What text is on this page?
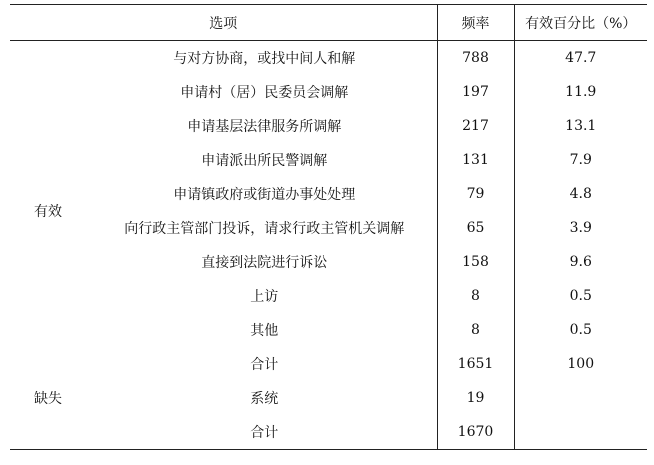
选项		频率	有效百分比（%）
有效	与对方协商，或找中间人和解	788	47.7
	申请村（居）民委员会调解	197	11.9
	申请基层法律服务所调解	217	13.1
	申请派出所民警调解	131	7.9
	申请镇政府或街道办事处处理	79	4.8
	向行政主管部门投诉，请求行政主管机关调解	65	3.9
	直接到法院进行诉讼	158	9.6
	上访	8	0.5
	其他	8	0.5
	合计	1651	100
缺失	系统	19	
	合计	1670	
